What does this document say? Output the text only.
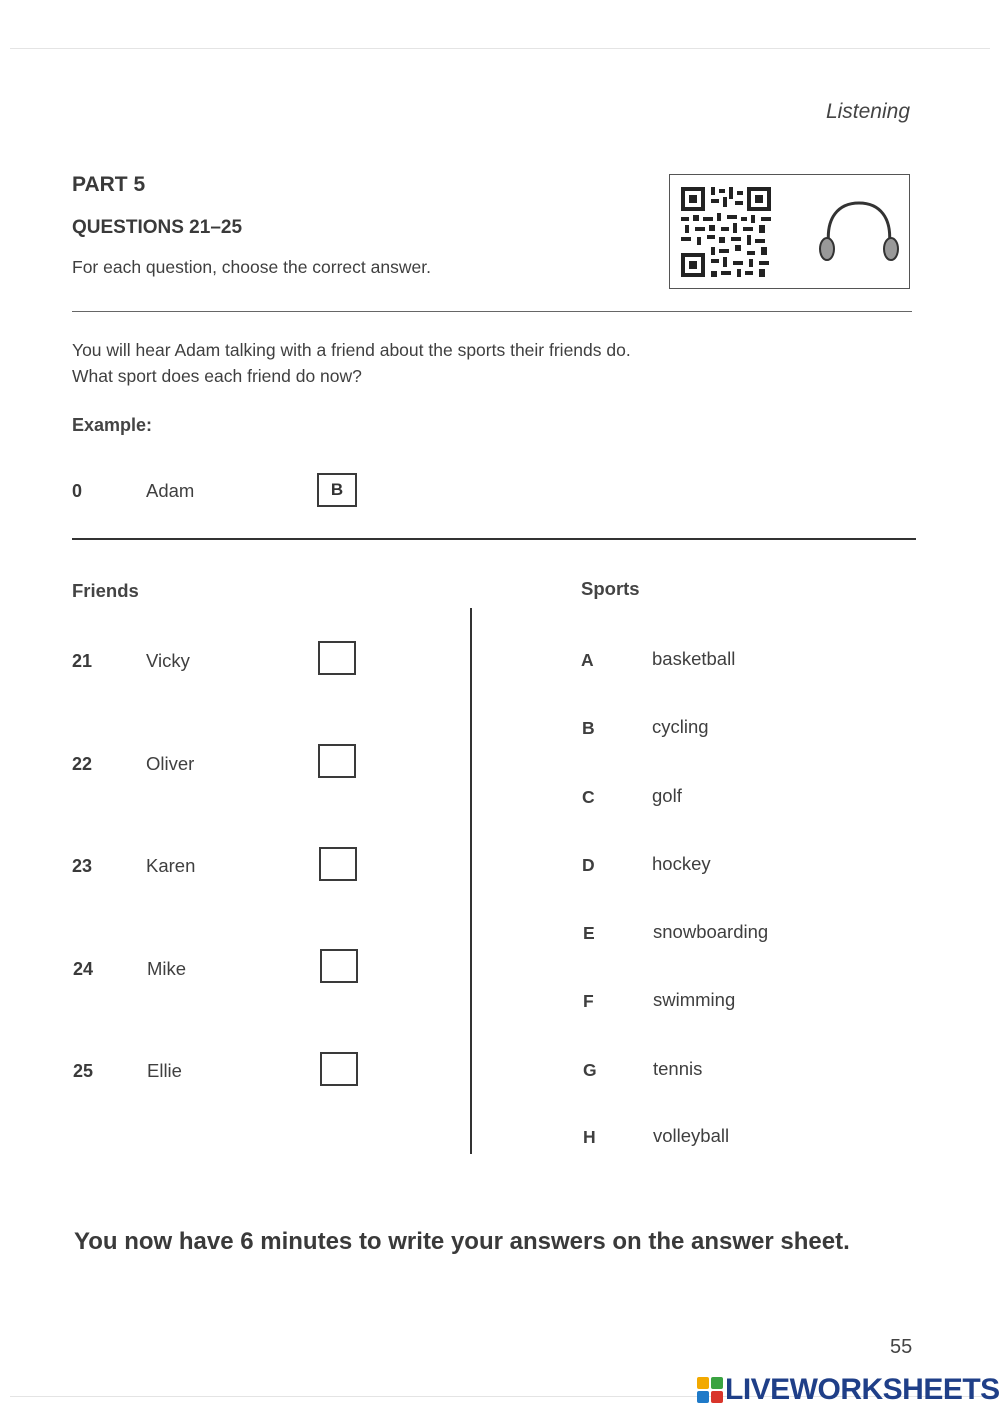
Listening
PART 5
QUESTIONS 21–25
For each question, choose the correct answer.
You will hear Adam talking with a friend about the sports their friends do.
What sport does each friend do now?
Example:
0	Adam	B
Friends	Sports
21	Vicky
22	Oliver
23	Karen
24	Mike
25	Ellie
A	basketball
B	cycling
C	golf
D	hockey
E	snowboarding
F	swimming
G	tennis
H	volleyball
You now have 6 minutes to write your answers on the answer sheet.
55
LIVEWORKSHEETS
